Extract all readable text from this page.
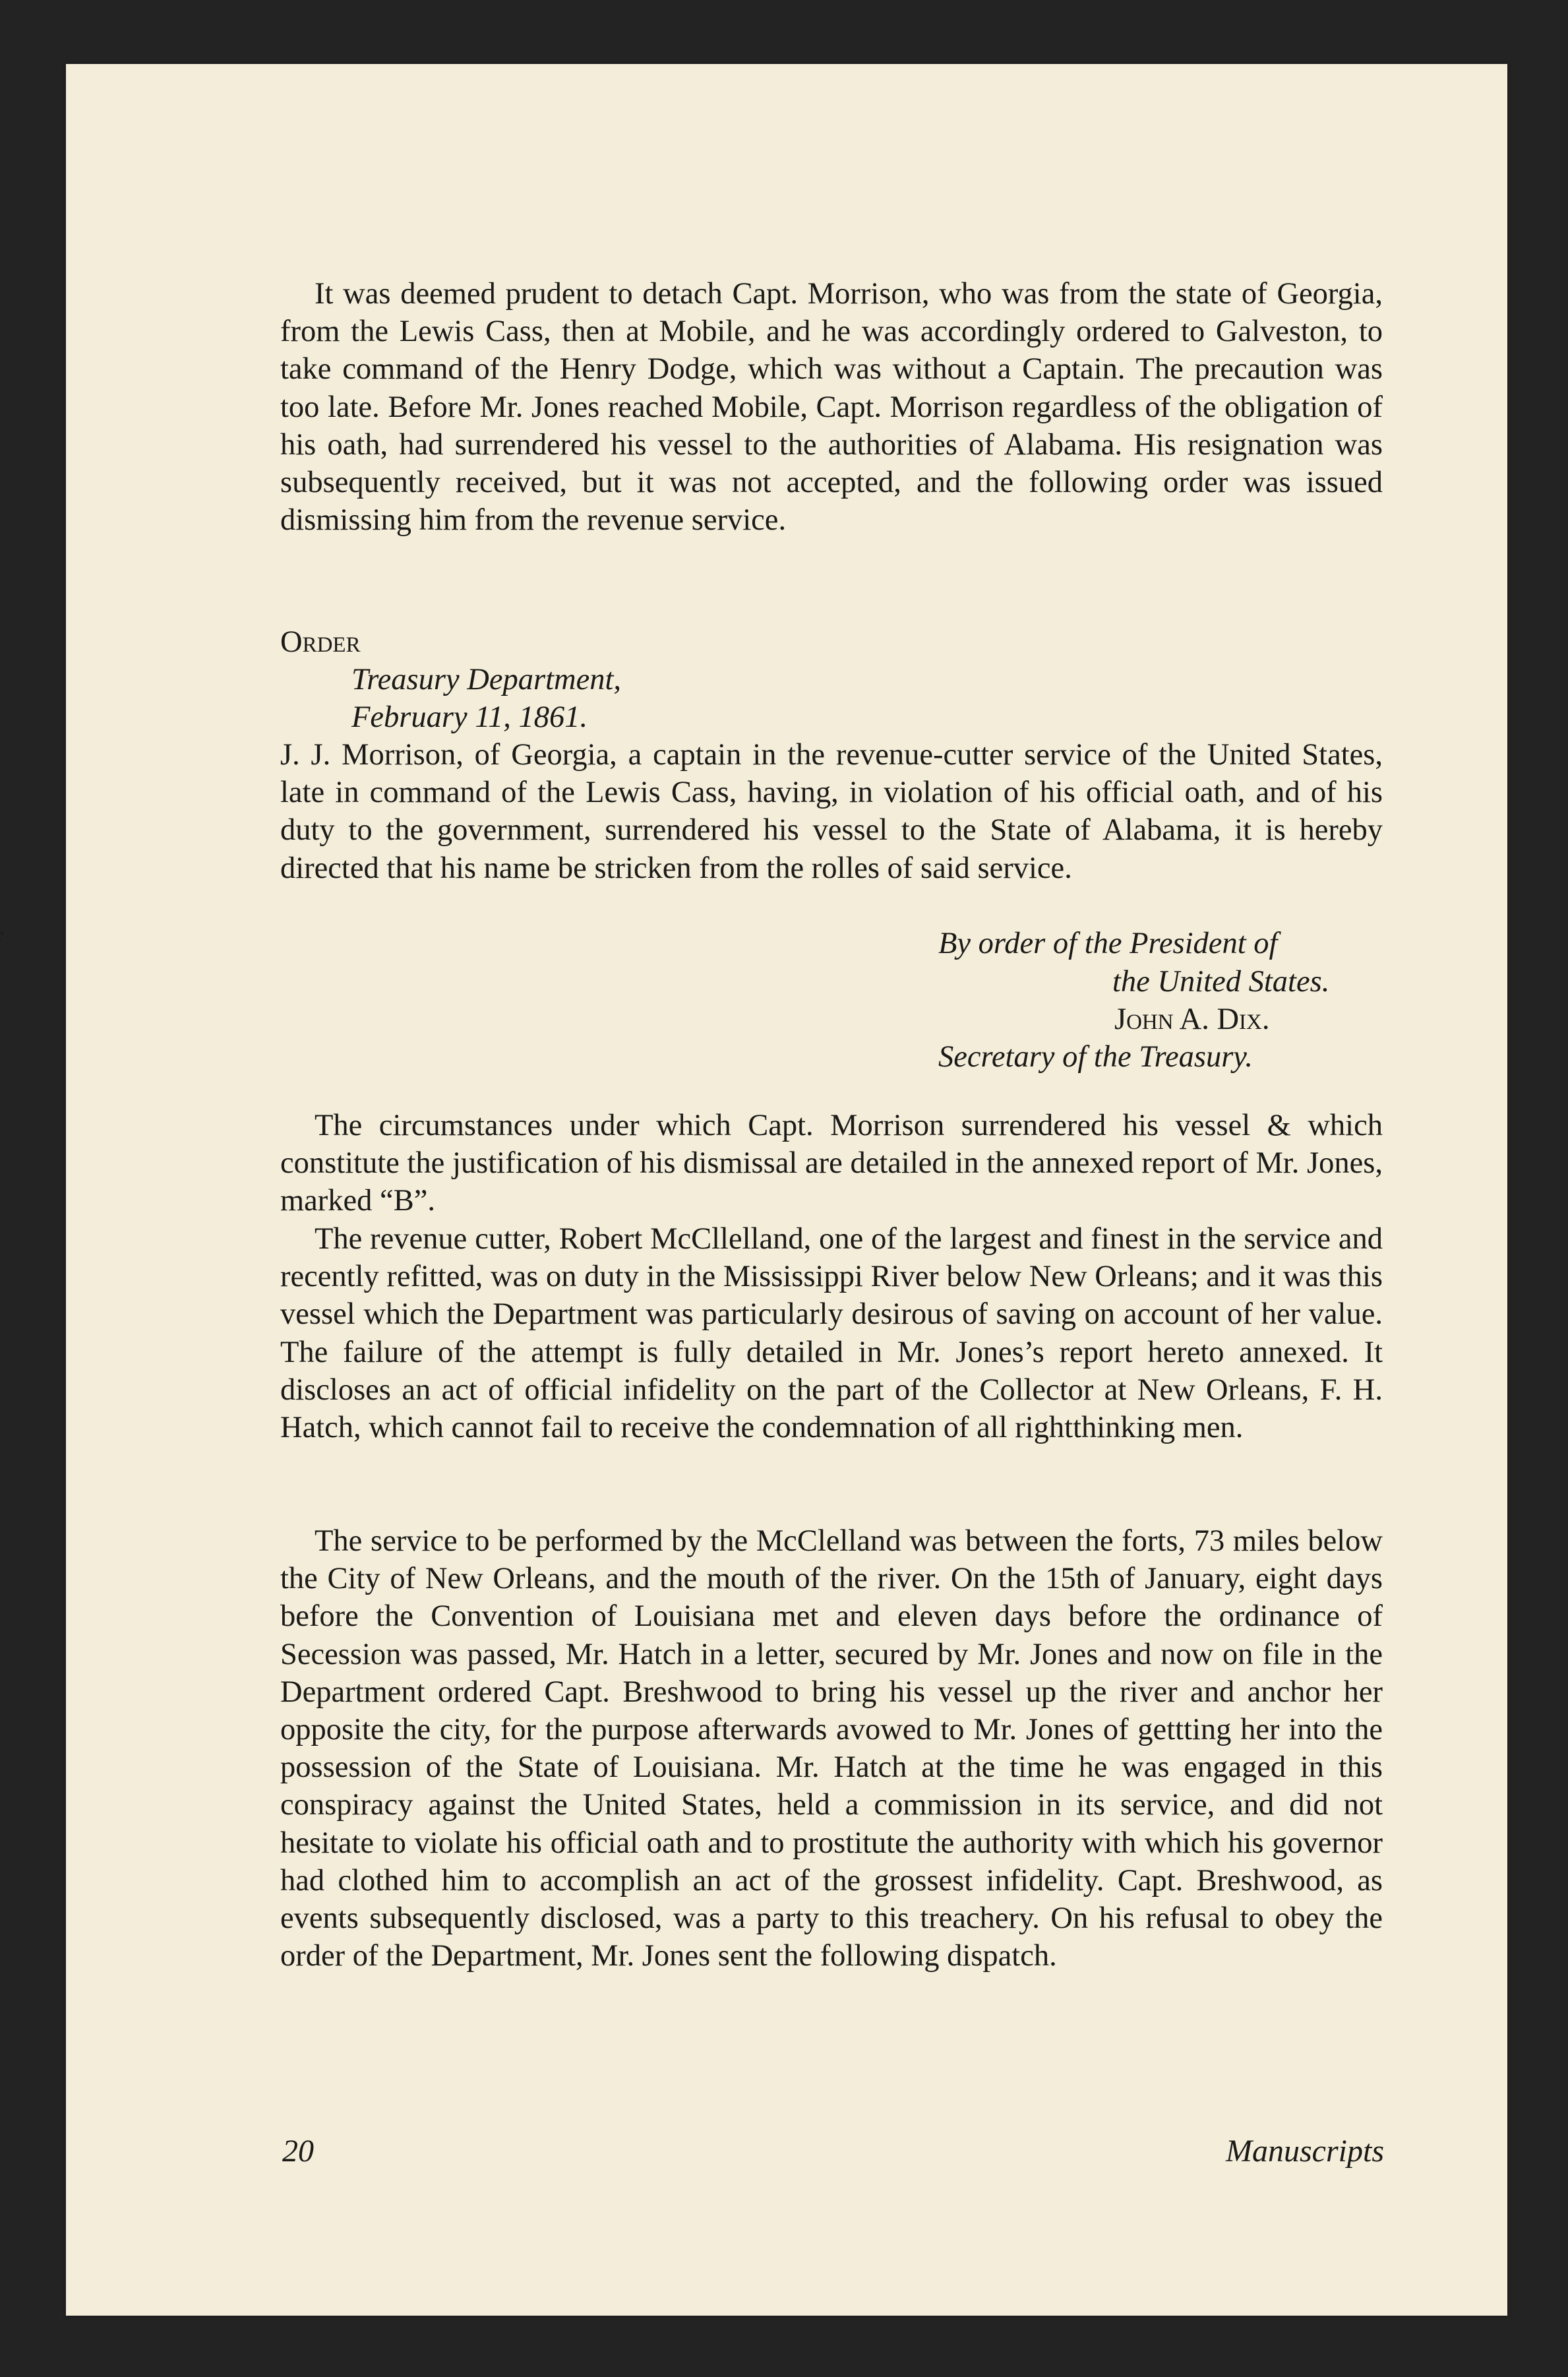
It was deemed prudent to detach Capt. Morrison, who was from the state of Georgia, from the Lewis Cass, then at Mobile, and he was accordingly ordered to Galveston, to take command of the Henry Dodge, which was without a Captain. The precaution was too late. Before Mr. Jones reached Mobile, Capt. Morrison regardless of the obligation of his oath, had surrendered his vessel to the authorities of Alabama. His resignation was subsequently received, but it was not accepted, and the following order was issued dismissing him from the revenue service.

Order
Treasury Department,
February 11, 1861.

J. J. Morrison, of Georgia, a captain in the revenue-cutter service of the United States, late in command of the Lewis Cass, having, in violation of his official oath, and of his duty to the government, surrendered his vessel to the State of Alabama, it is hereby directed that his name be stricken from the rolles of said service.

By order of the President of
the United States.
John A. Dix.
Secretary of the Treasury.

The circumstances under which Capt. Morrison surrendered his vessel & which constitute the justification of his dismissal are detailed in the annexed report of Mr. Jones, marked “B”.

The revenue cutter, Robert McCllelland, one of the largest and finest in the service and recently refitted, was on duty in the Mississippi River below New Orleans; and it was this vessel which the Department was particularly desirous of saving on account of her value. The failure of the attempt is fully detailed in Mr. Jones’s report hereto annexed. It discloses an act of official infidelity on the part of the Collector at New Orleans, F. H. Hatch, which cannot fail to receive the condemnation of all rightthinking men.

The service to be performed by the McClelland was between the forts, 73 miles below the City of New Orleans, and the mouth of the river. On the 15th of January, eight days before the Convention of Louisiana met and eleven days before the ordinance of Secession was passed, Mr. Hatch in a letter, secured by Mr. Jones and now on file in the Department ordered Capt. Breshwood to bring his vessel up the river and anchor her opposite the city, for the purpose afterwards avowed to Mr. Jones of gettting her into the possession of the State of Louisiana. Mr. Hatch at the time he was engaged in this conspiracy against the United States, held a commission in its service, and did not hesitate to violate his official oath and to prostitute the authority with which his governor had clothed him to accomplish an act of the grossest infidelity. Capt. Breshwood, as events subsequently disclosed, was a party to this treachery. On his refusal to obey the order of the Department, Mr. Jones sent the following dispatch.

20	Manuscripts
